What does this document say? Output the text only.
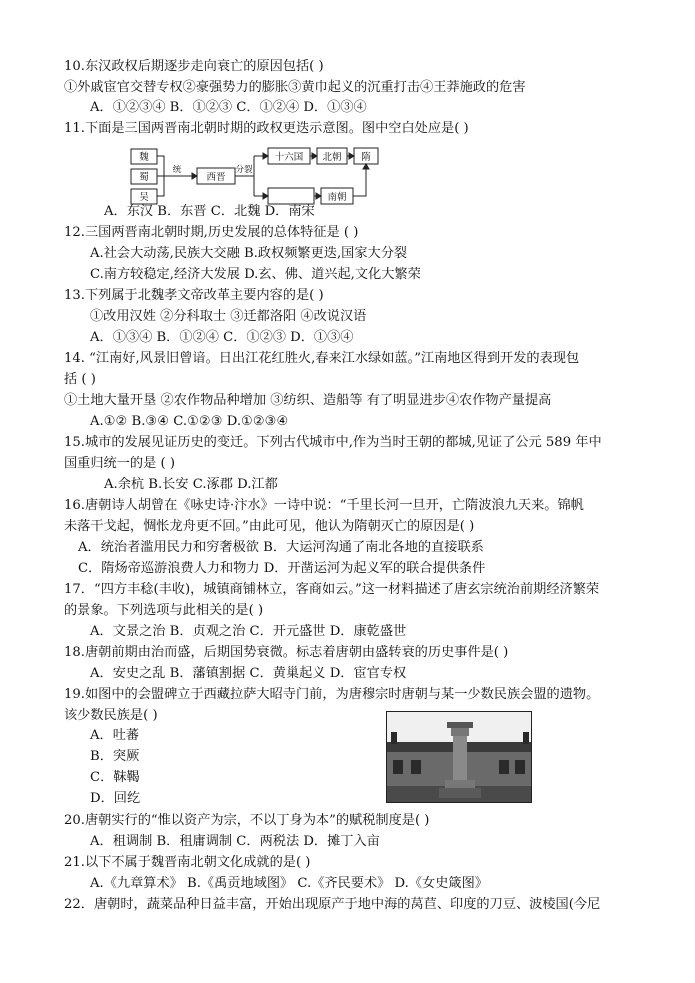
10.东汉政权后期逐步走向衰亡的原因包括( )
①外戚宦官交替专权②豪强势力的膨胀③黄巾起义的沉重打击④王莽施政的危害
A．①②③④ B．①②③ C．①②④ D．①③④
11.下面是三国两晋南北朝时期的政权更迭示意图。图中空白处应是( )
A．东汉 B．东晋 C．北魏 D．南宋
12.三国两晋南北朝时期,历史发展的总体特征是 ( )
A.社会大动荡,民族大交融 B.政权频繁更迭,国家大分裂
C.南方较稳定,经济大发展 D.玄、佛、道兴起,文化大繁荣
13.下列属于北魏孝文帝改革主要内容的是( )
①改用汉姓 ②分科取士 ③迁都洛阳 ④改说汉语
A．①③④ B．①②④ C．①②③ D．①③④
14. “江南好,风景旧曾谙。日出江花红胜火,春来江水绿如蓝。”江南地区得到开发的表现包
括 ( )
①土地大量开垦 ②农作物品种增加 ③纺织、造船等 有了明显进步④农作物产量提高
A.①② B.③④ C.①②③ D.①②③④
15.城市的发展见证历史的变迁。下列古代城市中,作为当时王朝的都城,见证了公元 589 年中
国重归统一的是 ( )
A.余杭 B.长安 C.涿郡 D.江都
16.唐朝诗人胡曾在《咏史诗·汴水》一诗中说：“千里长河一旦开，亡隋波浪九天来。锦帆
未落干戈起，惆怅龙舟更不回。”由此可见，他认为隋朝灭亡的原因是( )
A．统治者滥用民力和穷奢极欲 B．大运河沟通了南北各地的直接联系
C．隋炀帝巡游浪费人力和物力 D．开凿运河为起义军的联合提供条件
17．“四方丰稔(丰收)，城镇商铺林立，客商如云。”这一材料描述了唐玄宗统治前期经济繁荣
的景象。下列选项与此相关的是( )
A．文景之治 B．贞观之治 C．开元盛世 D．康乾盛世
18.唐朝前期由治而盛，后期国势衰微。标志着唐朝由盛转衰的历史事件是( )
A．安史之乱 B．藩镇割据 C．黄巢起义 D．宦官专权
19.如图中的会盟碑立于西藏拉萨大昭寺门前，为唐穆宗时唐朝与某一少数民族会盟的遗物。
该少数民族是( )
A．吐蕃
B．突厥
C．靺鞨
D．回纥
20.唐朝实行的“惟以资产为宗，不以丁身为本”的赋税制度是( )
A．租调制 B．租庸调制 C．两税法 D．摊丁入亩
21.以下不属于魏晋南北朝文化成就的是( )
A.《九章算术》 B.《禹贡地域图》 C.《齐民要术》 D.《女史箴图》
22．唐朝时，蔬菜品种日益丰富，开始出现原产于地中海的莴苣、印度的刀豆、波棱国(今尼
魏
蜀
吴
统
西晋
分裂
十六国 北朝 隋
南朝
